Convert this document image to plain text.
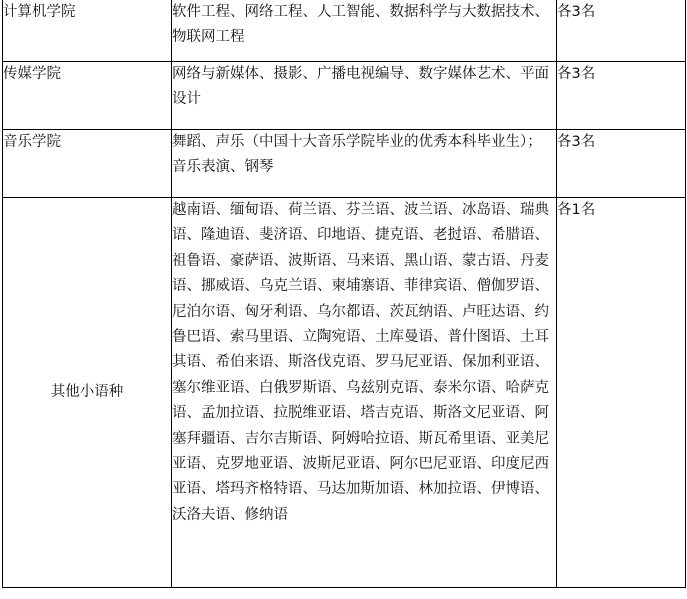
计算机学院	软件工程、网络工程、人工智能、数据科学与大数据技术、物联网工程	各3名
传媒学院	网络与新媒体、摄影、广播电视编导、数字媒体艺术、平面设计	各3名
音乐学院	舞蹈、声乐（中国十大音乐学院毕业的优秀本科毕业生）；音乐表演、钢琴	各3名
其他小语种	越南语、缅甸语、荷兰语、芬兰语、波兰语、冰岛语、瑞典语、隆迪语、斐济语、印地语、捷克语、老挝语、希腊语、祖鲁语、豪萨语、波斯语、马来语、黑山语、蒙古语、丹麦语、挪威语、乌克兰语、柬埔寨语、菲律宾语、僧伽罗语、尼泊尔语、匈牙利语、乌尔都语、茨瓦纳语、卢旺达语、约鲁巴语、索马里语、立陶宛语、土库曼语、普什图语、土耳其语、希伯来语、斯洛伐克语、罗马尼亚语、保加利亚语、塞尔维亚语、白俄罗斯语、乌兹别克语、泰米尔语、哈萨克语、孟加拉语、拉脱维亚语、塔吉克语、斯洛文尼亚语、阿塞拜疆语、吉尔吉斯语、阿姆哈拉语、斯瓦希里语、亚美尼亚语、克罗地亚语、波斯尼亚语、阿尔巴尼亚语、印度尼西亚语、塔玛齐格特语、马达加斯加语、林加拉语、伊博语、沃洛夫语、修纳语	各1名
